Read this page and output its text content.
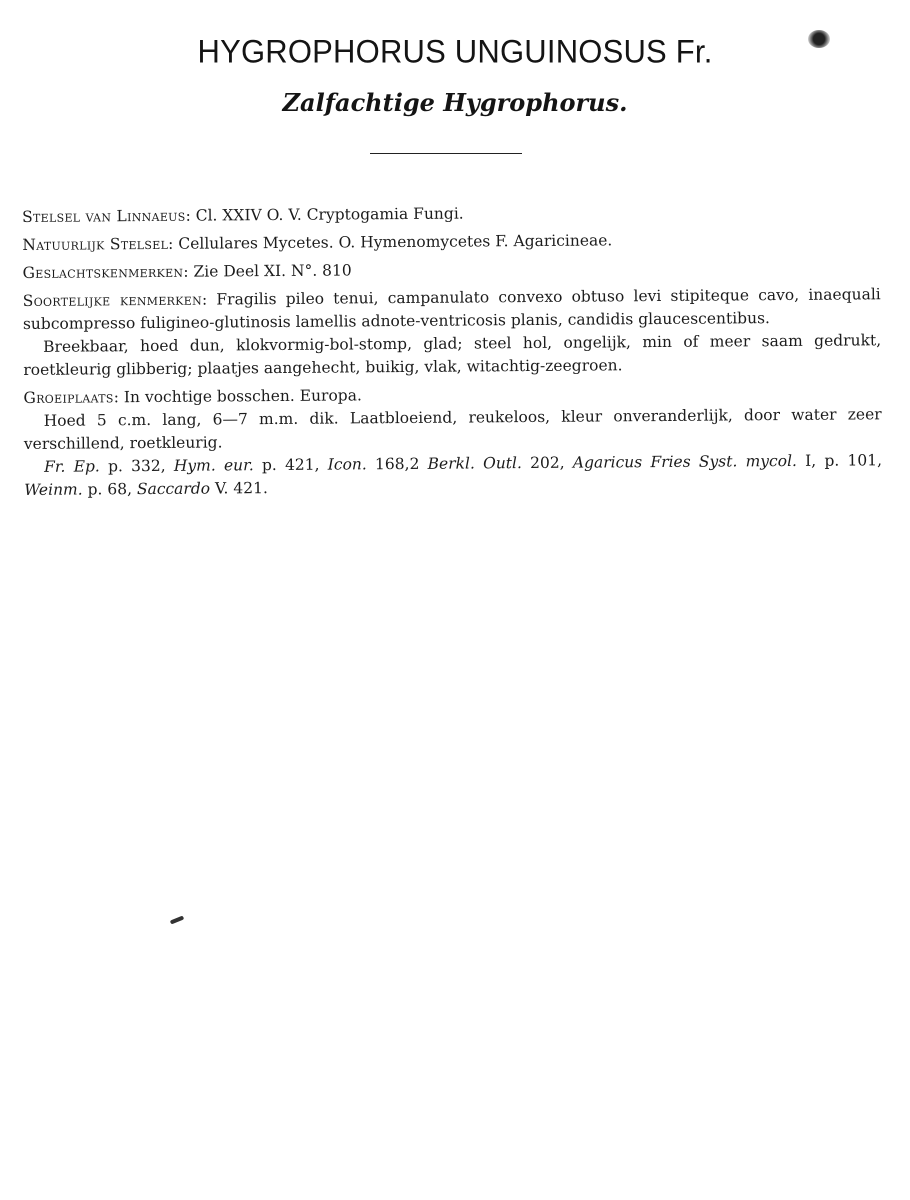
HYGROPHORUS UNGUINOSUS Fr.
Zalfachtige Hygrophorus.

Stelsel van Linnaeus: Cl. XXIV O. V. Cryptogamia Fungi.

Natuurlijk Stelsel: Cellulares Mycetes. O. Hymenomycetes F. Agaricineae.

Geslachtskenmerken: Zie Deel XI. N°. 810

Soortelijke kenmerken: Fragilis pileo tenui, campanulato convexo obtuso levi stipiteque cavo, inaequali subcompresso fuligineo-glutinosis lamellis adnote-ventricosis planis, candidis glaucescentibus.

Breekbaar, hoed dun, klokvormig-bol-stomp, glad; steel hol, ongelijk, min of meer saam gedrukt, roetkleurig glibberig; plaatjes aangehecht, buikig, vlak, witachtig-zeegroen.

Groeiplaats: In vochtige bosschen. Europa.

Hoed 5 c.m. lang, 6—7 m.m. dik. Laatbloeiend, reukeloos, kleur onveranderlijk, door water zeer verschillend, roetkleurig.

Fr. Ep. p. 332, Hym. eur. p. 421, Icon. 168,2 Berkl. Outl. 202, Agaricus Fries Syst. mycol. I, p. 101, Weinm. p. 68, Saccardo V. 421.
